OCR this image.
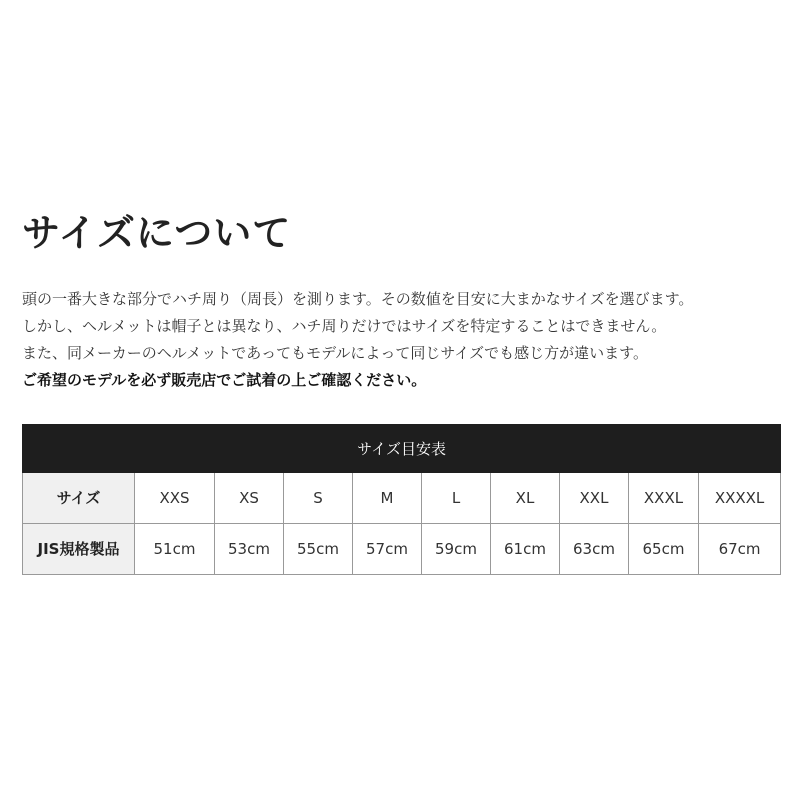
サイズについて
頭の一番大きな部分でハチ周り（周長）を測ります。その数値を目安に大まかなサイズを選びます。
しかし、ヘルメットは帽子とは異なり、ハチ周りだけではサイズを特定することはできません。
また、同メーカーのヘルメットであってもモデルによって同じサイズでも感じ方が違います。
ご希望のモデルを必ず販売店でご試着の上ご確認ください。
サイズ目安表									
サイズ	XXS	XS	S	M	L	XL	XXL	XXXL	XXXXL
JIS規格製品	51cm	53cm	55cm	57cm	59cm	61cm	63cm	65cm	67cm
